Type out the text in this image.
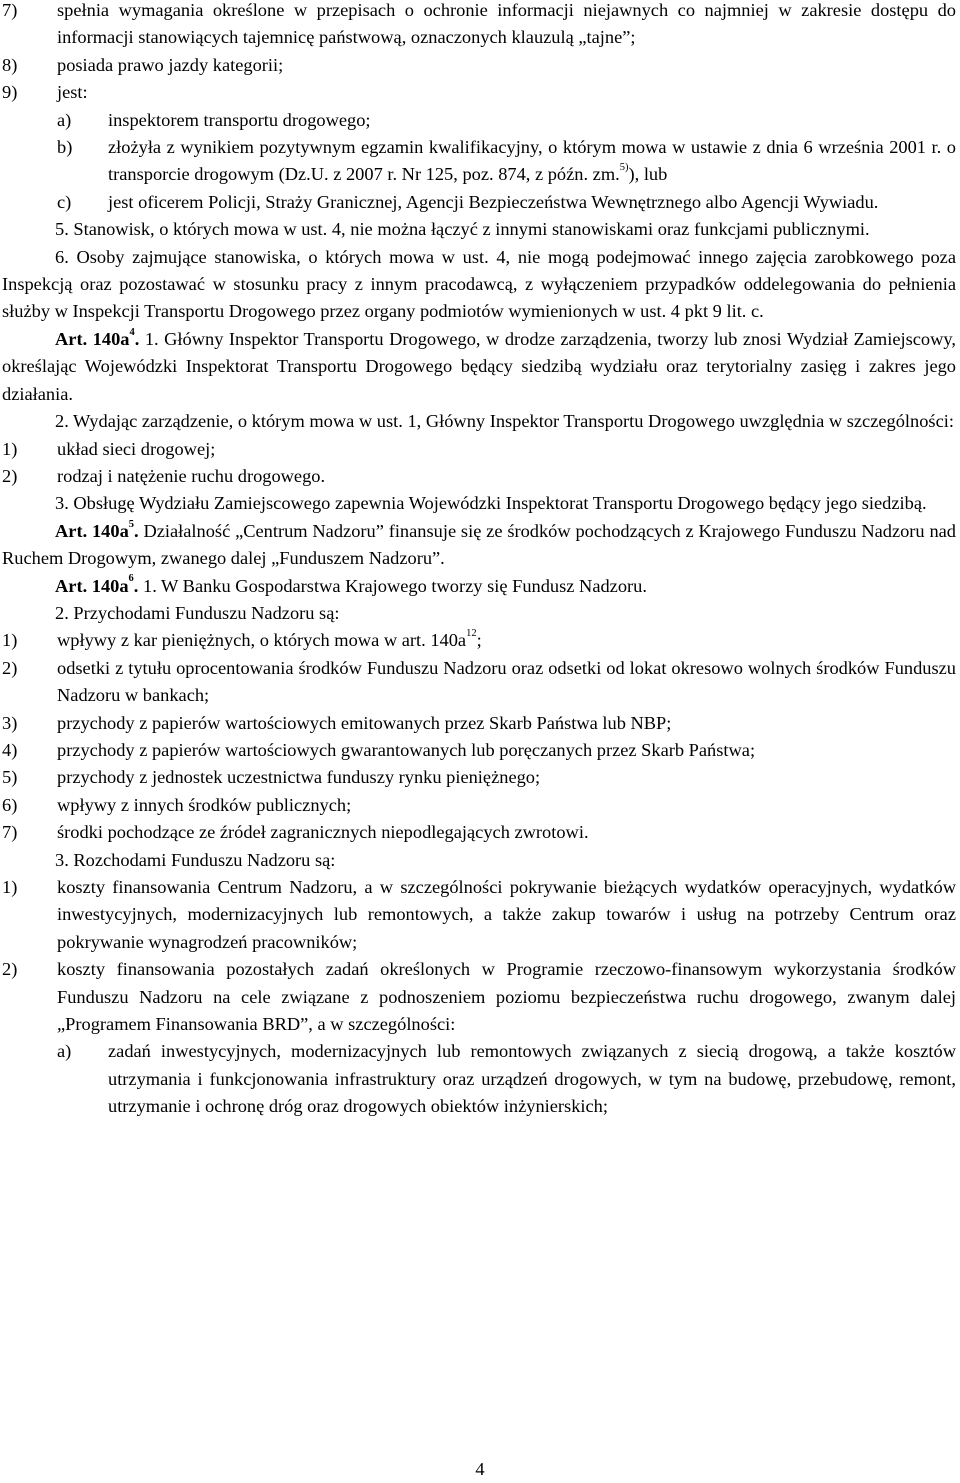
7)	spełnia wymagania określone w przepisach o ochronie informacji niejawnych co najmniej w zakresie dostępu do informacji stanowiących tajemnicę państwową, oznaczonych klauzulą „tajne”;
8)	posiada prawo jazdy kategorii;
9)	jest:
a)	inspektorem transportu drogowego;
b)	złożyła z wynikiem pozytywnym egzamin kwalifikacyjny, o którym mowa w ustawie z dnia 6 września 2001 r. o transporcie drogowym (Dz.U. z 2007 r. Nr 125, poz. 874, z późn. zm.$^{5)}$), lub
c)	jest oficerem Policji, Straży Granicznej, Agencji Bezpieczeństwa Wewnętrznego albo Agencji Wywiadu.
5. Stanowisk, o których mowa w ust. 4, nie można łączyć z innymi stanowiskami oraz funkcjami publicznymi.
6. Osoby zajmujące stanowiska, o których mowa w ust. 4, nie mogą podejmować innego zajęcia zarobkowego poza Inspekcją oraz pozostawać w stosunku pracy z innym pracodawcą, z wyłączeniem przypadków oddelegowania do pełnienia służby w Inspekcji Transportu Drogowego przez organy podmiotów wymienionych w ust. 4 pkt 9 lit. c.
Art. $140a^4$. 1. Główny Inspektor Transportu Drogowego, w drodze zarządzenia, tworzy lub znosi Wydział Zamiejscowy, określając Wojewódzki Inspektorat Transportu Drogowego będący siedzibą wydziału oraz terytorialny zasięg i zakres jego działania.
2. Wydając zarządzenie, o którym mowa w ust. 1, Główny Inspektor Transportu Drogowego uwzględnia w szczególności:
1)	układ sieci drogowej;
2)	rodzaj i natężenie ruchu drogowego.
3. Obsługę Wydziału Zamiejscowego zapewnia Wojewódzki Inspektorat Transportu Drogowego będący jego siedzibą.
Art. $140a^5$. Działalność „Centrum Nadzoru” finansuje się ze środków pochodzących z Krajowego Funduszu Nadzoru nad Ruchem Drogowym, zwanego dalej „Funduszem Nadzoru”.
Art. $140a^6$. 1. W Banku Gospodarstwa Krajowego tworzy się Fundusz Nadzoru.
2. Przychodami Funduszu Nadzoru są:
1)	wpływy z kar pieniężnych, o których mowa w art. $140a^{12}$;
2)	odsetki z tytułu oprocentowania środków Funduszu Nadzoru oraz odsetki od lokat okresowo wolnych środków Funduszu Nadzoru w bankach;
3)	przychody z papierów wartościowych emitowanych przez Skarb Państwa lub NBP;
4)	przychody z papierów wartościowych gwarantowanych lub poręczanych przez Skarb Państwa;
5)	przychody z jednostek uczestnictwa funduszy rynku pieniężnego;
6)	wpływy z innych środków publicznych;
7)	środki pochodzące ze źródeł zagranicznych niepodlegających zwrotowi.
3. Rozchodami Funduszu Nadzoru są:
1)	koszty finansowania Centrum Nadzoru, a w szczególności pokrywanie bieżących wydatków operacyjnych, wydatków inwestycyjnych, modernizacyjnych lub remontowych, a także zakup towarów i usług na potrzeby Centrum oraz pokrywanie wynagrodzeń pracowników;
2)	koszty finansowania pozostałych zadań określonych w Programie rzeczowo-finansowym wykorzystania środków Funduszu Nadzoru na cele związane z podnoszeniem poziomu bezpieczeństwa ruchu drogowego, zwanym dalej „Programem Finansowania BRD”, a w szczególności:
a)	zadań inwestycyjnych, modernizacyjnych lub remontowych związanych z siecią drogową, a także kosztów utrzymania i funkcjonowania infrastruktury oraz urządzeń drogowych, w tym na budowę, przebudowę, remont, utrzymanie i ochronę dróg oraz drogowych obiektów inżynierskich;
4
